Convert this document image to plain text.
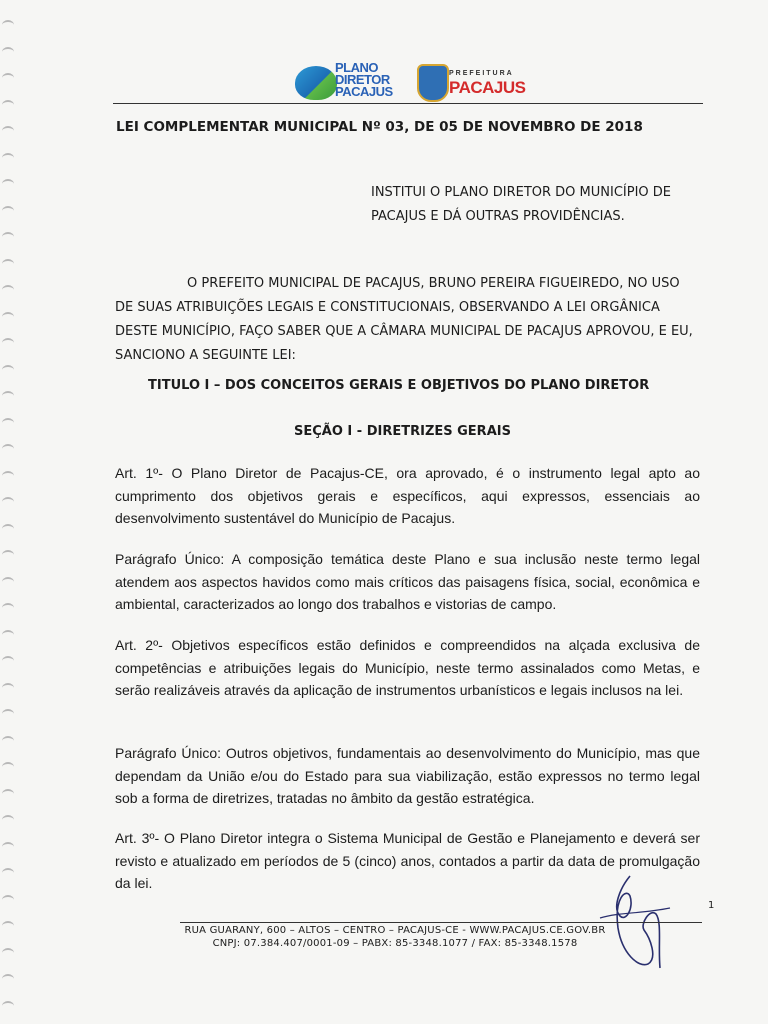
PLANO
DIRETOR
PACAJUS
PREFEITURA
PACAJUS
LEI COMPLEMENTAR MUNICIPAL Nº 03, DE 05 DE NOVEMBRO DE 2018
INSTITUI O PLANO DIRETOR DO MUNICÍPIO DE PACAJUS E DÁ OUTRAS PROVIDÊNCIAS.
O PREFEITO MUNICIPAL DE PACAJUS, BRUNO PEREIRA FIGUEIREDO, NO USO DE SUAS ATRIBUIÇÕES LEGAIS E CONSTITUCIONAIS, OBSERVANDO A LEI ORGÂNICA DESTE MUNICÍPIO, FAÇO SABER QUE A CÂMARA MUNICIPAL DE PACAJUS APROVOU, E EU, SANCIONO A SEGUINTE LEI:
TITULO I – DOS CONCEITOS GERAIS E OBJETIVOS DO PLANO DIRETOR
SEÇÃO I - DIRETRIZES GERAIS
Art. 1º- O Plano Diretor de Pacajus-CE, ora aprovado, é o instrumento legal apto ao cumprimento dos objetivos gerais e específicos, aqui expressos, essenciais ao desenvolvimento sustentável do Município de Pacajus.
Parágrafo Único: A composição temática deste Plano e sua inclusão neste termo legal atendem aos aspectos havidos como mais críticos das paisagens física, social, econômica e ambiental, caracterizados ao longo dos trabalhos e vistorias de campo.
Art. 2º- Objetivos específicos estão definidos e compreendidos na alçada exclusiva de competências e atribuições legais do Município, neste termo assinalados como Metas, e serão realizáveis através da aplicação de instrumentos urbanísticos e legais inclusos na lei.
Parágrafo Único: Outros objetivos, fundamentais ao desenvolvimento do Município, mas que dependam da União e/ou do Estado para sua viabilização, estão expressos no termo legal sob a forma de diretrizes, tratadas no âmbito da gestão estratégica.
Art. 3º- O Plano Diretor integra o Sistema Municipal de Gestão e Planejamento e deverá ser revisto e atualizado em períodos de 5 (cinco) anos, contados a partir da data de promulgação da lei.
1
RUA GUARANY, 600 – ALTOS – CENTRO – PACAJUS-CE - WWW.PACAJUS.CE.GOV.BR
CNPJ: 07.384.407/0001-09 – PABX: 85-3348.1077 / FAX: 85-3348.1578
